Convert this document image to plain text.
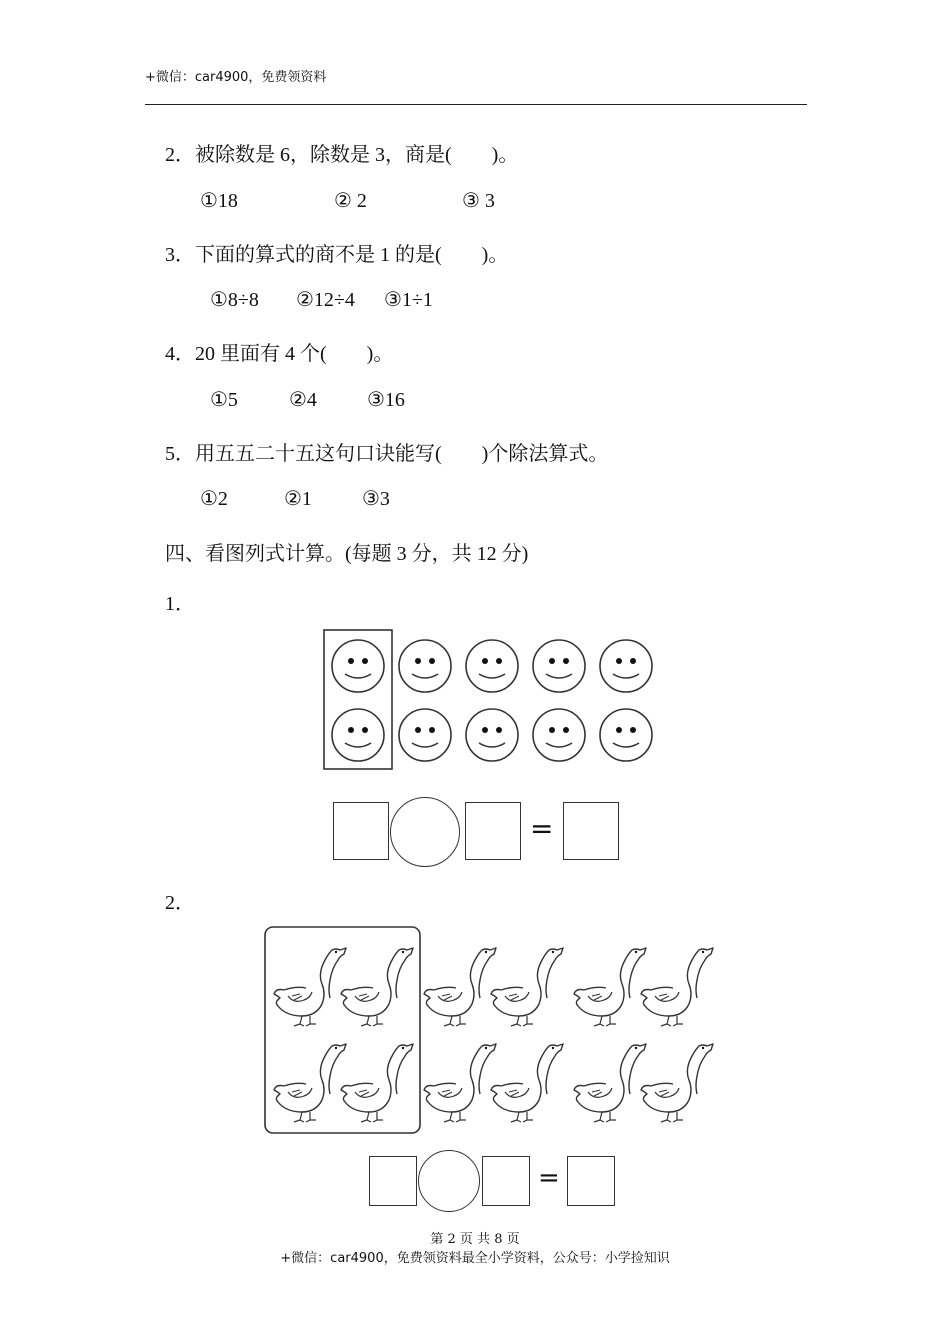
+微信：car4900，免费领资料
2．被除数是 6，除数是 3，商是(　　)。
①18	② 2	③ 3
3．下面的算式的商不是 1 的是(　　)。
①8÷8 ②12÷4 ③1÷1
4．20 里面有 4 个(　　)。
①5	②4	③16
5．用五五二十五这句口诀能写(　　)个除法算式。
①2	②1	③3
四、看图列式计算。(每题 3 分，共 12 分)
1．
=
2．
=
第 2 页 共 8 页
+微信：car4900，免费领资料最全小学资料，公众号：小学捡知识
